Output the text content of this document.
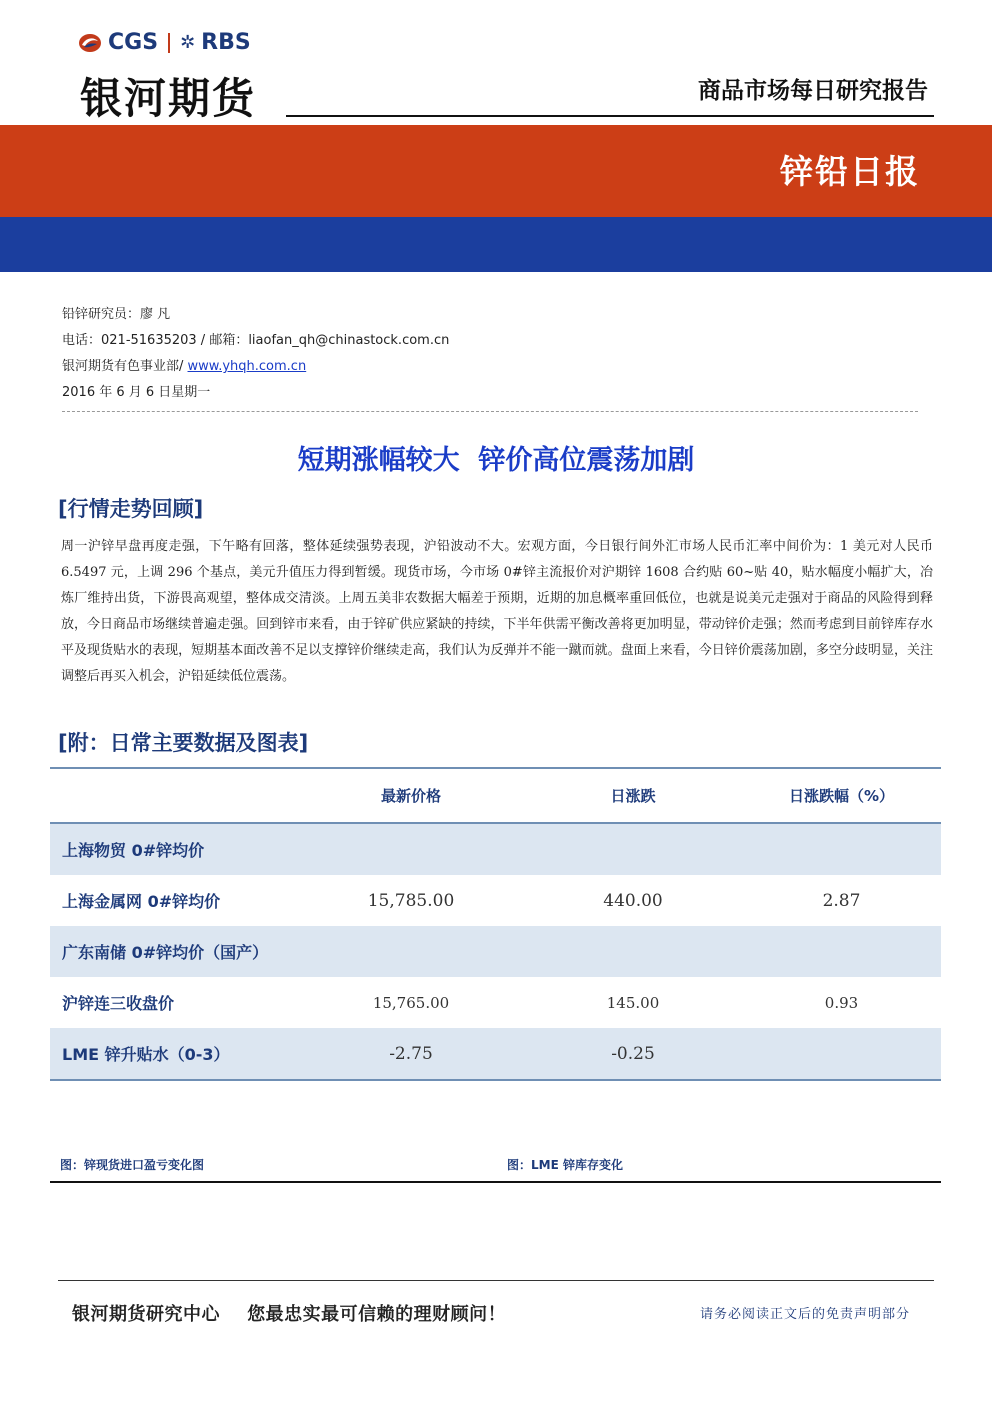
CGS ✲ RBS
银河期货	商品市场每日研究报告
锌铅日报
铅锌研究员：廖 凡
电话：021-51635203 / 邮箱：liaofan_qh@chinastock.com.cn
银河期货有色事业部/ www.yhqh.com.cn
2016 年 6 月 6 日星期一
短期涨幅较大  锌价高位震荡加剧
[行情走势回顾]
周一沪锌早盘再度走强，下午略有回落，整体延续强势表现，沪铅波动不大。宏观方面，今日银行间外汇市场人民币汇率中间价为：1 美元对人民币 6.5497 元，上调 296 个基点，美元升值压力得到暂缓。现货市场，今市场 0#锌主流报价对沪期锌 1608 合约贴 60~贴 40，贴水幅度小幅扩大，冶炼厂维持出货，下游畏高观望，整体成交清淡。上周五美非农数据大幅差于预期，近期的加息概率重回低位，也就是说美元走强对于商品的风险得到释放，今日商品市场继续普遍走强。回到锌市来看，由于锌矿供应紧缺的持续，下半年供需平衡改善将更加明显，带动锌价走强；然而考虑到目前锌库存水平及现货贴水的表现，短期基本面改善不足以支撑锌价继续走高，我们认为反弹并不能一蹴而就。盘面上来看，今日锌价震荡加剧，多空分歧明显，关注调整后再买入机会，沪铅延续低位震荡。
[附：日常主要数据及图表]
	最新价格	日涨跌	日涨跌幅（%）
上海物贸 0#锌均价			
上海金属网 0#锌均价	15,785.00	440.00	2.87
广东南储 0#锌均价（国产）			
沪锌连三收盘价	15,765.00	145.00	0.93
LME 锌升贴水（0-3）	-2.75	-0.25	
图：锌现货进口盈亏变化图	图：LME 锌库存变化
银河期货研究中心    您最忠实最可信赖的理财顾问！	请务必阅读正文后的免责声明部分
